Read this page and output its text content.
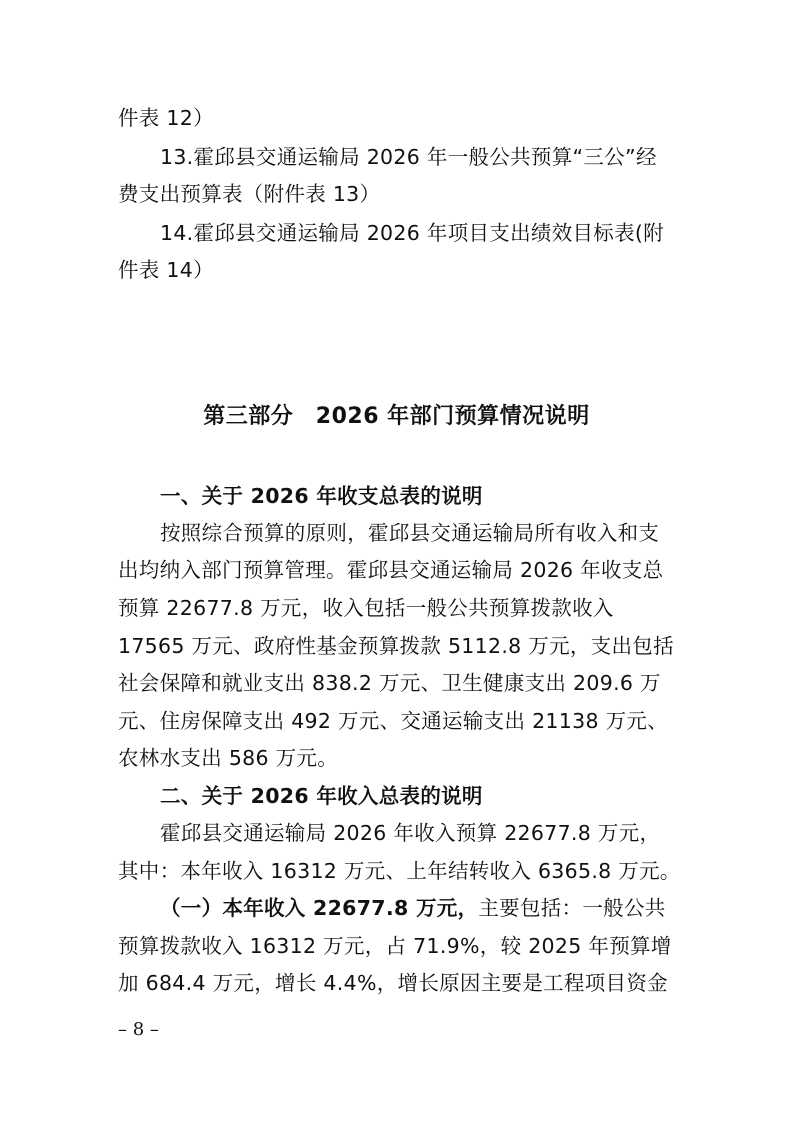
件表 12）
13.霍邱县交通运输局 2026 年一般公共预算“三公”经
费支出预算表（附件表 13）
14.霍邱县交通运输局 2026 年项目支出绩效目标表(附
件表 14）
第三部分　2026 年部门预算情况说明
一、关于 2026 年收支总表的说明
按照综合预算的原则，霍邱县交通运输局所有收入和支
出均纳入部门预算管理。霍邱县交通运输局 2026 年收支总
预算 22677.8 万元，收入包括一般公共预算拨款收入
17565 万元、政府性基金预算拨款 5112.8 万元，支出包括
社会保障和就业支出 838.2 万元、卫生健康支出 209.6 万
元、住房保障支出 492 万元、交通运输支出 21138 万元、
农林水支出 586 万元。
二、关于 2026 年收入总表的说明
霍邱县交通运输局 2026 年收入预算 22677.8 万元，
其中：本年收入 16312 万元、上年结转收入 6365.8 万元。
（一）本年收入 22677.8 万元，主要包括：一般公共
预算拨款收入 16312 万元，占 71.9%，较 2025 年预算增
加 684.4 万元，增长 4.4%，增长原因主要是工程项目资金
– 8 –
